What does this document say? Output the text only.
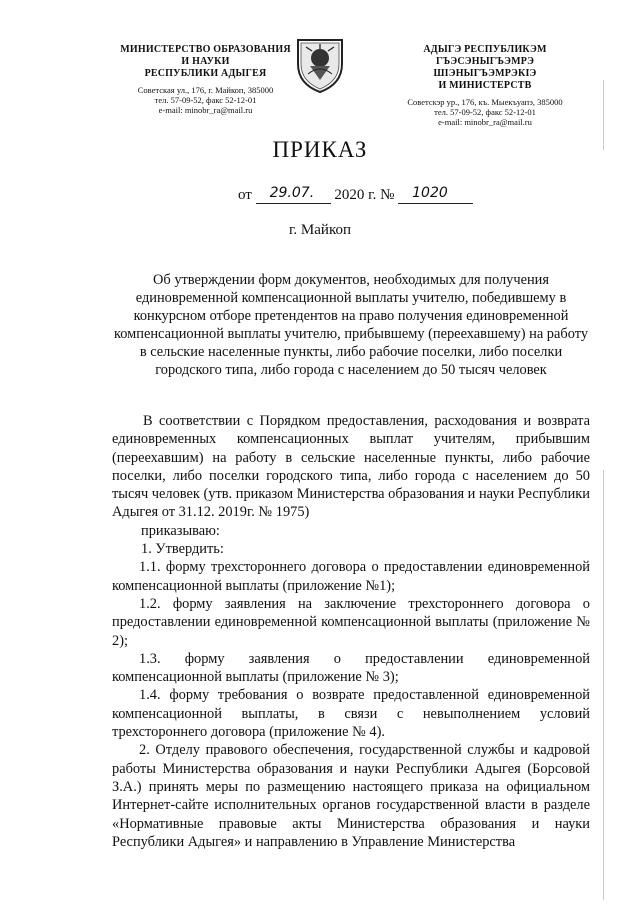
МИНИСТЕРСТВО ОБРАЗОВАНИЯ
И НАУКИ
РЕСПУБЛИКИ АДЫГЕЯ
Советская ул., 176, г. Майкоп, 385000
тел. 57-09-52, факс 52-12-01
e-mail: minobr_ra@mail.ru
АДЫГЭ РЕСПУБЛИКЭМ
ГЪЭСЭНЫГЪЭМРЭ ШІЭНЫГЪЭМРЭКІЭ
И МИНИСТЕРСТВ
Советскэр ур., 176, къ. Мыекъуапэ, 385000
тел. 57-09-52, факс 52-12-01
e-mail: minobr_ra@mail.ru
ПРИКАЗ
от 29.07. 2020 г. № 1020
г. Майкоп
Об утверждении форм документов, необходимых для получения единовременной компенсационной выплаты учителю, победившему в конкурсном отборе претендентов на право получения единовременной компенсационной выплаты учителю, прибывшему (переехавшему) на работу в сельские населенные пункты, либо рабочие поселки, либо поселки городского типа, либо города с населением до 50 тысяч человек

В соответствии с Порядком предоставления, расходования и возврата единовременных компенсационных выплат учителям, прибывшим (переехавшим) на работу в сельские населенные пункты, либо рабочие поселки, либо поселки городского типа, либо города с населением до 50 тысяч человек (утв. приказом Министерства образования и науки Республики Адыгея от 31.12. 2019г. № 1975)

приказываю:

1. Утвердить:

1.1. форму трехстороннего договора о предоставлении единовременной компенсационной выплаты (приложение №1);

1.2. форму заявления на заключение трехстороннего договора о предоставлении единовременной компенсационной выплаты (приложение № 2);

1.3. форму заявления о предоставлении единовременной компенсационной выплаты (приложение № 3);

1.4. форму требования о возврате предоставленной единовременной компенсационной выплаты, в связи с невыполнением условий трехстороннего договора (приложение № 4).

2. Отделу правового обеспечения, государственной службы и кадровой работы Министерства образования и науки Республики Адыгея (Борсовой З.А.) принять меры по размещению настоящего приказа на официальном Интернет-сайте исполнительных органов государственной власти в разделе «Нормативные правовые акты Министерства образования и науки Республики Адыгея» и направлению в Управление Министерства
